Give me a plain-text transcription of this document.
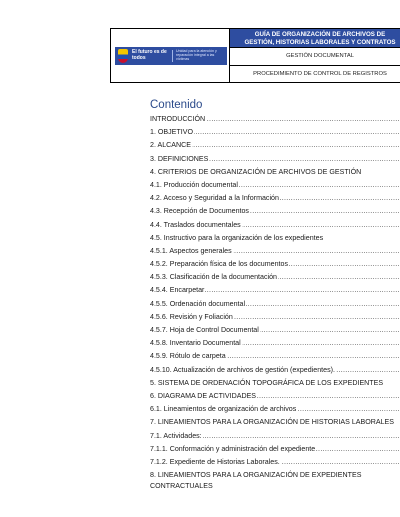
El futuro es de todos
Unidad para la atención y reparación integral a las víctimas
GUÍA DE ORGANIZACIÓN DE ARCHIVOS DE
GESTIÓN, HISTORIAS LABORALES Y CONTRATOS
GESTIÓN DOCUMENTAL
PROCEDIMIENTO DE CONTROL DE REGISTROS
Contenido
INTRODUCCIÓN .....
1. OBJETIVO .....
2. ALCANCE .....
3. DEFINICIONES .....
4. CRITERIOS DE ORGANIZACIÓN DE ARCHIVOS DE GESTIÓN
4.1. Producción documental .....
4.2. Acceso y Seguridad a la Información .....
4.3. Recepción de Documentos .....
4.4. Traslados documentales .....
4.5. Instructivo para la organización de los expedientes
4.5.1. Aspectos generales .....
4.5.2. Preparación física de los documentos .....
4.5.3. Clasificación de la documentación .....
4.5.4. Encarpetar .....
4.5.5. Ordenación documental .....
4.5.6. Revisión y Foliación .....
4.5.7. Hoja de Control Documental .....
4.5.8. Inventario Documental .....
4.5.9. Rótulo de carpeta .....
4.5.10. Actualización de archivos de gestión (expedientes). .....
5. SISTEMA DE ORDENACIÓN TOPOGRÁFICA DE LOS EXPEDIENTES
6. DIAGRAMA DE ACTIVIDADES .....
6.1. Lineamientos de organización de archivos .....
7. LINEAMIENTOS PARA LA ORGANIZACIÓN DE HISTORIAS LABORALES
7.1. Actividades: .....
7.1.1. Conformación y administración del expediente .....
7.1.2. Expediente de Historias Laborales. .....
8. LINEAMIENTOS PARA LA ORGANIZACIÓN DE EXPEDIENTES CONTRACTUALES
